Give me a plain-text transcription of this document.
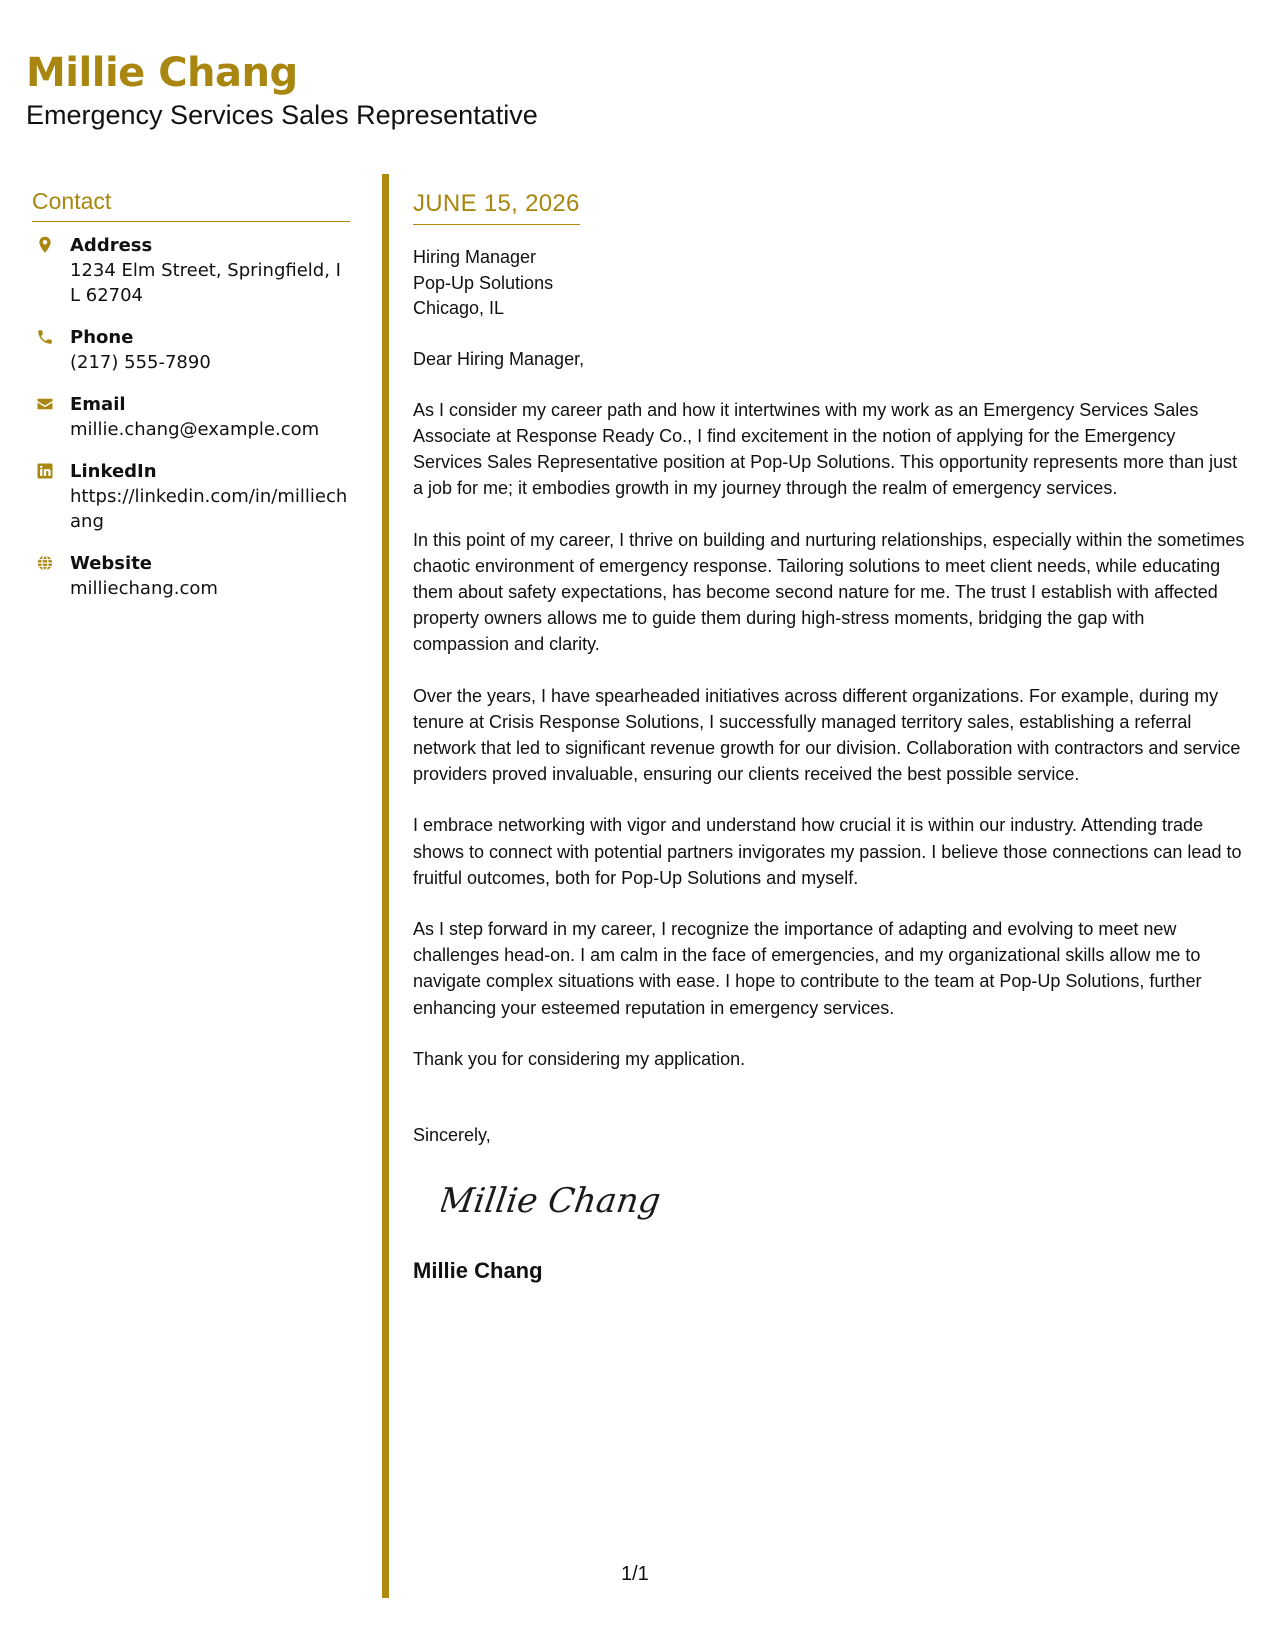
Millie Chang
Emergency Services Sales Representative
Contact
Address
1234 Elm Street, Springfield, IL 62704
Phone
(217) 555-7890
Email
millie.chang@example.com
LinkedIn
https://linkedin.com/in/milliechang
Website
milliechang.com
JUNE 15, 2026
Hiring Manager
Pop-Up Solutions
Chicago, IL
Dear Hiring Manager,
As I consider my career path and how it intertwines with my work as an Emergency Services Sales Associate at Response Ready Co., I find excitement in the notion of applying for the Emergency Services Sales Representative position at Pop-Up Solutions. This opportunity represents more than just a job for me; it embodies growth in my journey through the realm of emergency services.
In this point of my career, I thrive on building and nurturing relationships, especially within the sometimes chaotic environment of emergency response. Tailoring solutions to meet client needs, while educating them about safety expectations, has become second nature for me. The trust I establish with affected property owners allows me to guide them during high-stress moments, bridging the gap with compassion and clarity.
Over the years, I have spearheaded initiatives across different organizations. For example, during my tenure at Crisis Response Solutions, I successfully managed territory sales, establishing a referral network that led to significant revenue growth for our division. Collaboration with contractors and service providers proved invaluable, ensuring our clients received the best possible service.
I embrace networking with vigor and understand how crucial it is within our industry. Attending trade shows to connect with potential partners invigorates my passion. I believe those connections can lead to fruitful outcomes, both for Pop-Up Solutions and myself.
As I step forward in my career, I recognize the importance of adapting and evolving to meet new challenges head-on. I am calm in the face of emergencies, and my organizational skills allow me to navigate complex situations with ease. I hope to contribute to the team at Pop-Up Solutions, further enhancing your esteemed reputation in emergency services.
Thank you for considering my application.
Sincerely,
Millie Chang
Millie Chang
1/1
